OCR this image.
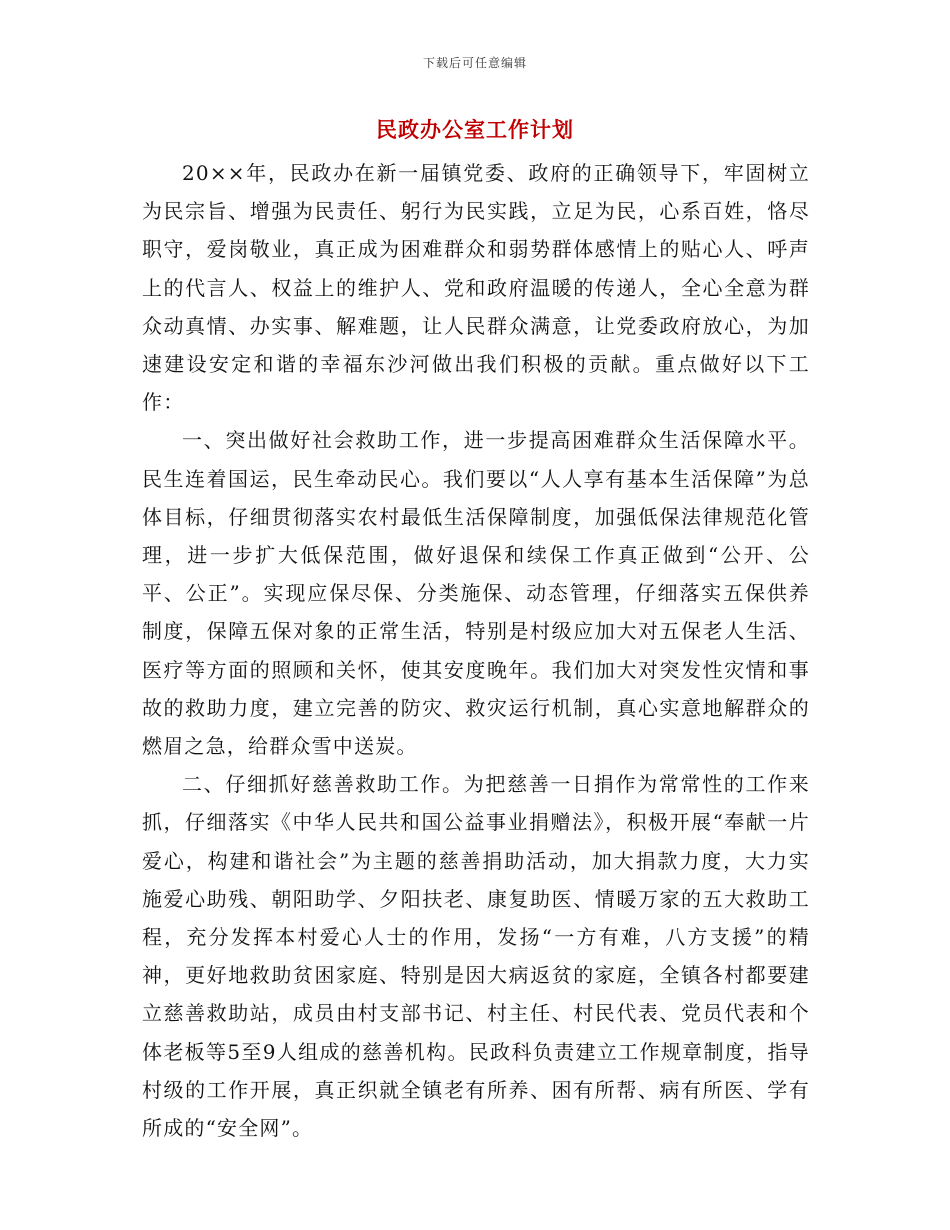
下载后可任意编辑
民政办公室工作计划

20××年，民政办在新一届镇党委、政府的正确领导下，牢固树立为民宗旨、增强为民责任、躬行为民实践，立足为民，心系百姓，恪尽职守，爱岗敬业，真正成为困难群众和弱势群体感情上的贴心人、呼声上的代言人、权益上的维护人、党和政府温暖的传递人，全心全意为群众动真情、办实事、解难题，让人民群众满意，让党委政府放心，为加速建设安定和谐的幸福东沙河做出我们积极的贡献。重点做好以下工作：

一、突出做好社会救助工作，进一步提高困难群众生活保障水平。民生连着国运，民生牵动民心。我们要以“人人享有基本生活保障”为总体目标，仔细贯彻落实农村最低生活保障制度，加强低保法律规范化管理，进一步扩大低保范围，做好退保和续保工作真正做到“公开、公平、公正”。实现应保尽保、分类施保、动态管理，仔细落实五保供养制度，保障五保对象的正常生活，特别是村级应加大对五保老人生活、医疗等方面的照顾和关怀，使其安度晚年。我们加大对突发性灾情和事故的救助力度，建立完善的防灾、救灾运行机制，真心实意地解群众的燃眉之急，给群众雪中送炭。

二、仔细抓好慈善救助工作。为把慈善一日捐作为常常性的工作来抓，仔细落实《中华人民共和国公益事业捐赠法》，积极开展“奉献一片爱心，构建和谐社会”为主题的慈善捐助活动，加大捐款力度，大力实施爱心助残、朝阳助学、夕阳扶老、康复助医、情暖万家的五大救助工程，充分发挥本村爱心人士的作用，发扬“一方有难，八方支援”的精神，更好地救助贫困家庭、特别是因大病返贫的家庭，全镇各村都要建立慈善救助站，成员由村支部书记、村主任、村民代表、党员代表和个体老板等5至9人组成的慈善机构。民政科负责建立工作规章制度，指导村级的工作开展，真正织就全镇老有所养、困有所帮、病有所医、学有所成的“安全网”。
